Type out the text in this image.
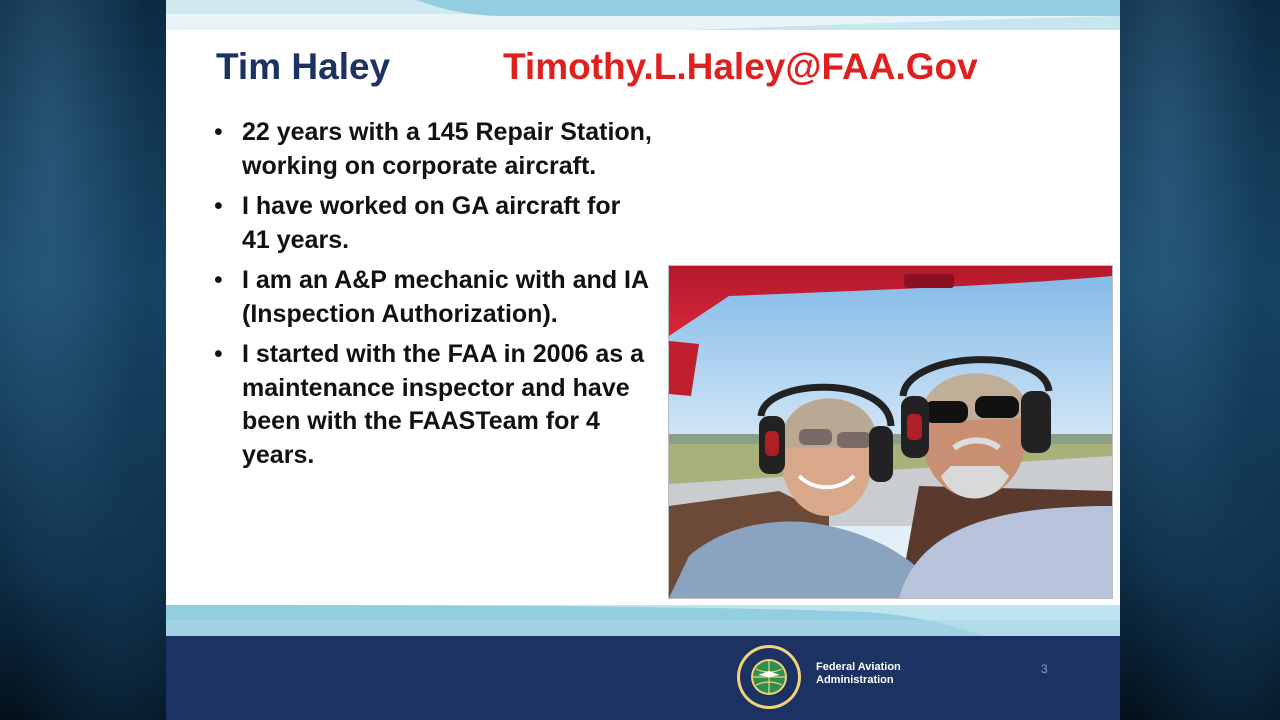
Tim Haley	Timothy.L.Haley@FAA.Gov
• 22 years with a 145 Repair Station, working on corporate aircraft.
• I have worked on GA aircraft for 41 years.
• I am an A&P mechanic with and IA (Inspection Authorization).
• I started with the FAA in 2006 as a maintenance inspector and have been with the FAASTeam for 4 years.
Federal Aviation
Administration
3
